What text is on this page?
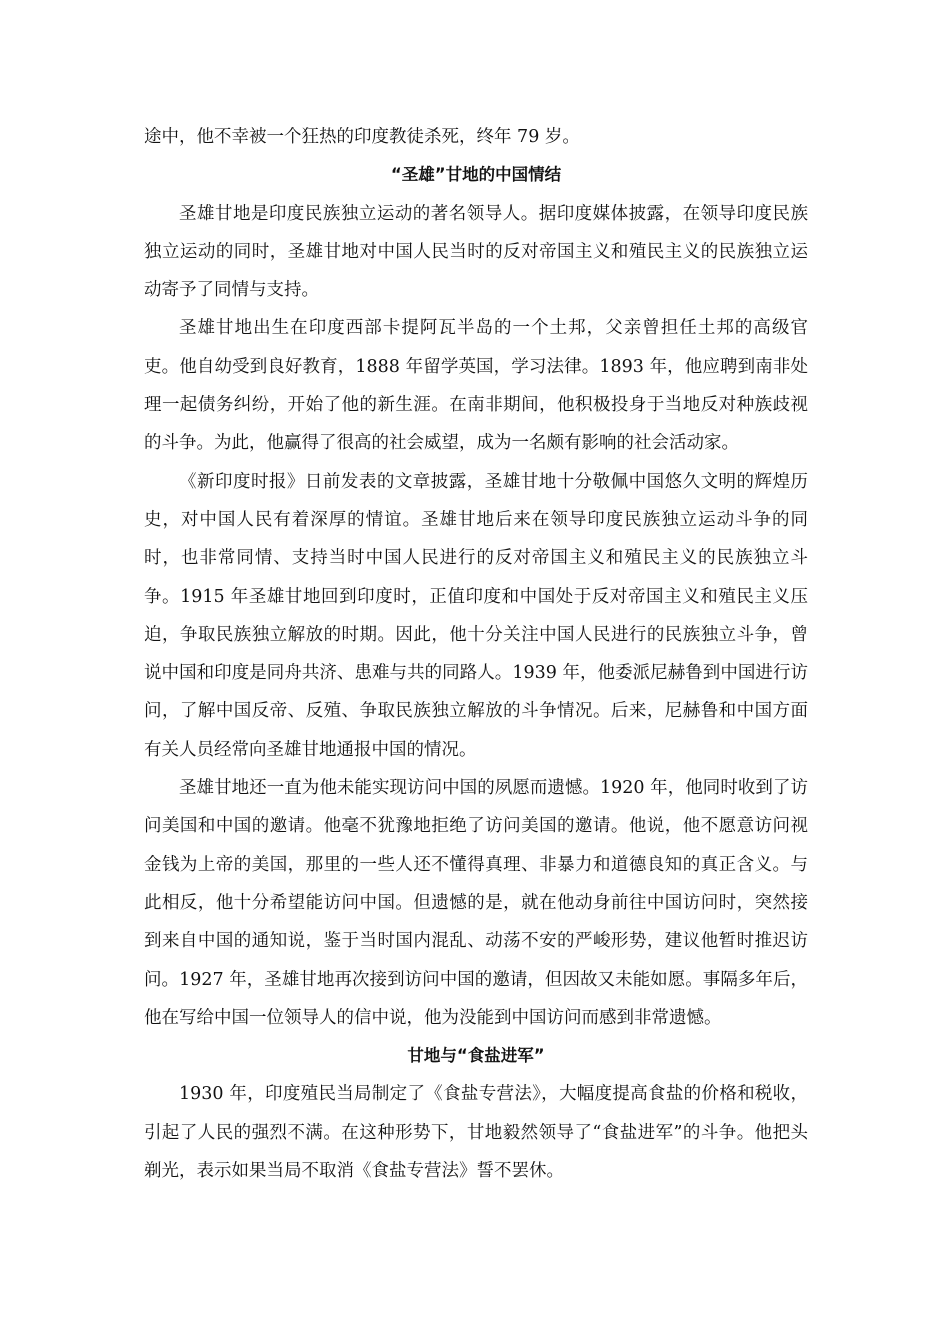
途中，他不幸被一个狂热的印度教徒杀死，终年 79 岁。

“圣雄”甘地的中国情结

圣雄甘地是印度民族独立运动的著名领导人。据印度媒体披露，在领导印度民族独立运动的同时，圣雄甘地对中国人民当时的反对帝国主义和殖民主义的民族独立运动寄予了同情与支持。

圣雄甘地出生在印度西部卡提阿瓦半岛的一个土邦，父亲曾担任土邦的高级官吏。他自幼受到良好教育，1888 年留学英国，学习法律。1893 年，他应聘到南非处理一起债务纠纷，开始了他的新生涯。在南非期间，他积极投身于当地反对种族歧视的斗争。为此，他赢得了很高的社会威望，成为一名颇有影响的社会活动家。

《新印度时报》日前发表的文章披露，圣雄甘地十分敬佩中国悠久文明的辉煌历史，对中国人民有着深厚的情谊。圣雄甘地后来在领导印度民族独立运动斗争的同时，也非常同情、支持当时中国人民进行的反对帝国主义和殖民主义的民族独立斗争。1915 年圣雄甘地回到印度时，正值印度和中国处于反对帝国主义和殖民主义压迫，争取民族独立解放的时期。因此，他十分关注中国人民进行的民族独立斗争，曾说中国和印度是同舟共济、患难与共的同路人。1939 年，他委派尼赫鲁到中国进行访问，了解中国反帝、反殖、争取民族独立解放的斗争情况。后来，尼赫鲁和中国方面有关人员经常向圣雄甘地通报中国的情况。

圣雄甘地还一直为他未能实现访问中国的夙愿而遗憾。1920 年，他同时收到了访问美国和中国的邀请。他毫不犹豫地拒绝了访问美国的邀请。他说，他不愿意访问视金钱为上帝的美国，那里的一些人还不懂得真理、非暴力和道德良知的真正含义。与此相反，他十分希望能访问中国。但遗憾的是，就在他动身前往中国访问时，突然接到来自中国的通知说，鉴于当时国内混乱、动荡不安的严峻形势，建议他暂时推迟访问。1927 年，圣雄甘地再次接到访问中国的邀请，但因故又未能如愿。事隔多年后，他在写给中国一位领导人的信中说，他为没能到中国访问而感到非常遗憾。

甘地与“食盐进军”

1930 年，印度殖民当局制定了《食盐专营法》，大幅度提高食盐的价格和税收，引起了人民的强烈不满。在这种形势下，甘地毅然领导了“食盐进军”的斗争。他把头剃光，表示如果当局不取消《食盐专营法》誓不罢休。
